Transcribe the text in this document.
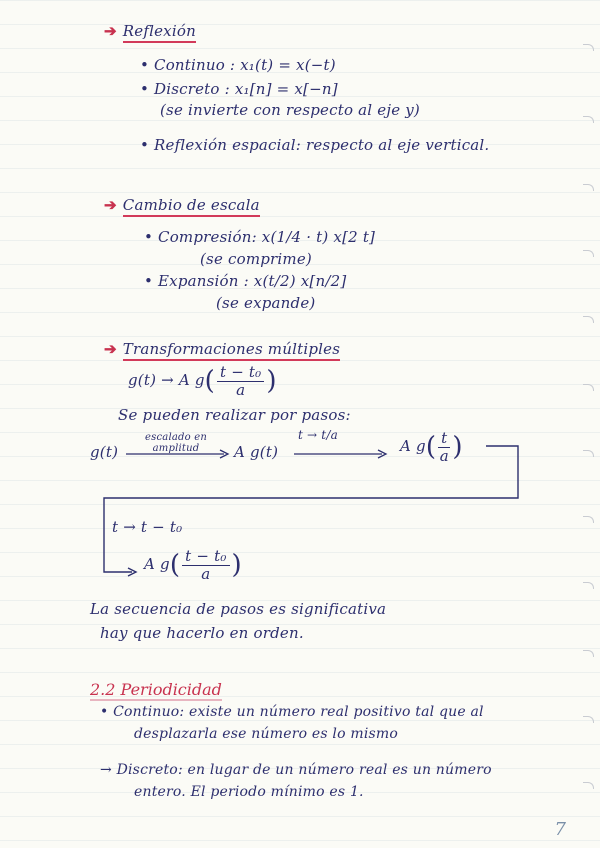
➔ Reflexión
• Continuo : x₁(t) = x(−t)
• Discreto : x₁[n] = x[−n]
(se invierte con respecto al eje y)
• Reflexión espacial: respecto al eje vertical.
➔ Cambio de escala
• Compresión: x(1/4 · t) x[2 t]
(se comprime)
• Expansión : x(t/2) x[n/2]
(se expande)
➔ Transformaciones múltiples
g(t) → A $g( \frac{\text{t − t₀}}{a}$ )
Se pueden realizar por pasos:
g(t)
escalado en amplitud	A g(t)
t → t/a
A $g( \frac{t}{a}$ )
t → t − t₀
A $g( \frac{\text{t − t₀}}{a}$ )
La secuencia de pasos es significativa
hay que hacerlo en orden.
2.2 Periodicidad
• Continuo: existe un número real positivo tal que al
desplazarla ese número es lo mismo
→ Discreto: en lugar de un número real es un número
entero. El periodo mínimo es 1.
7
